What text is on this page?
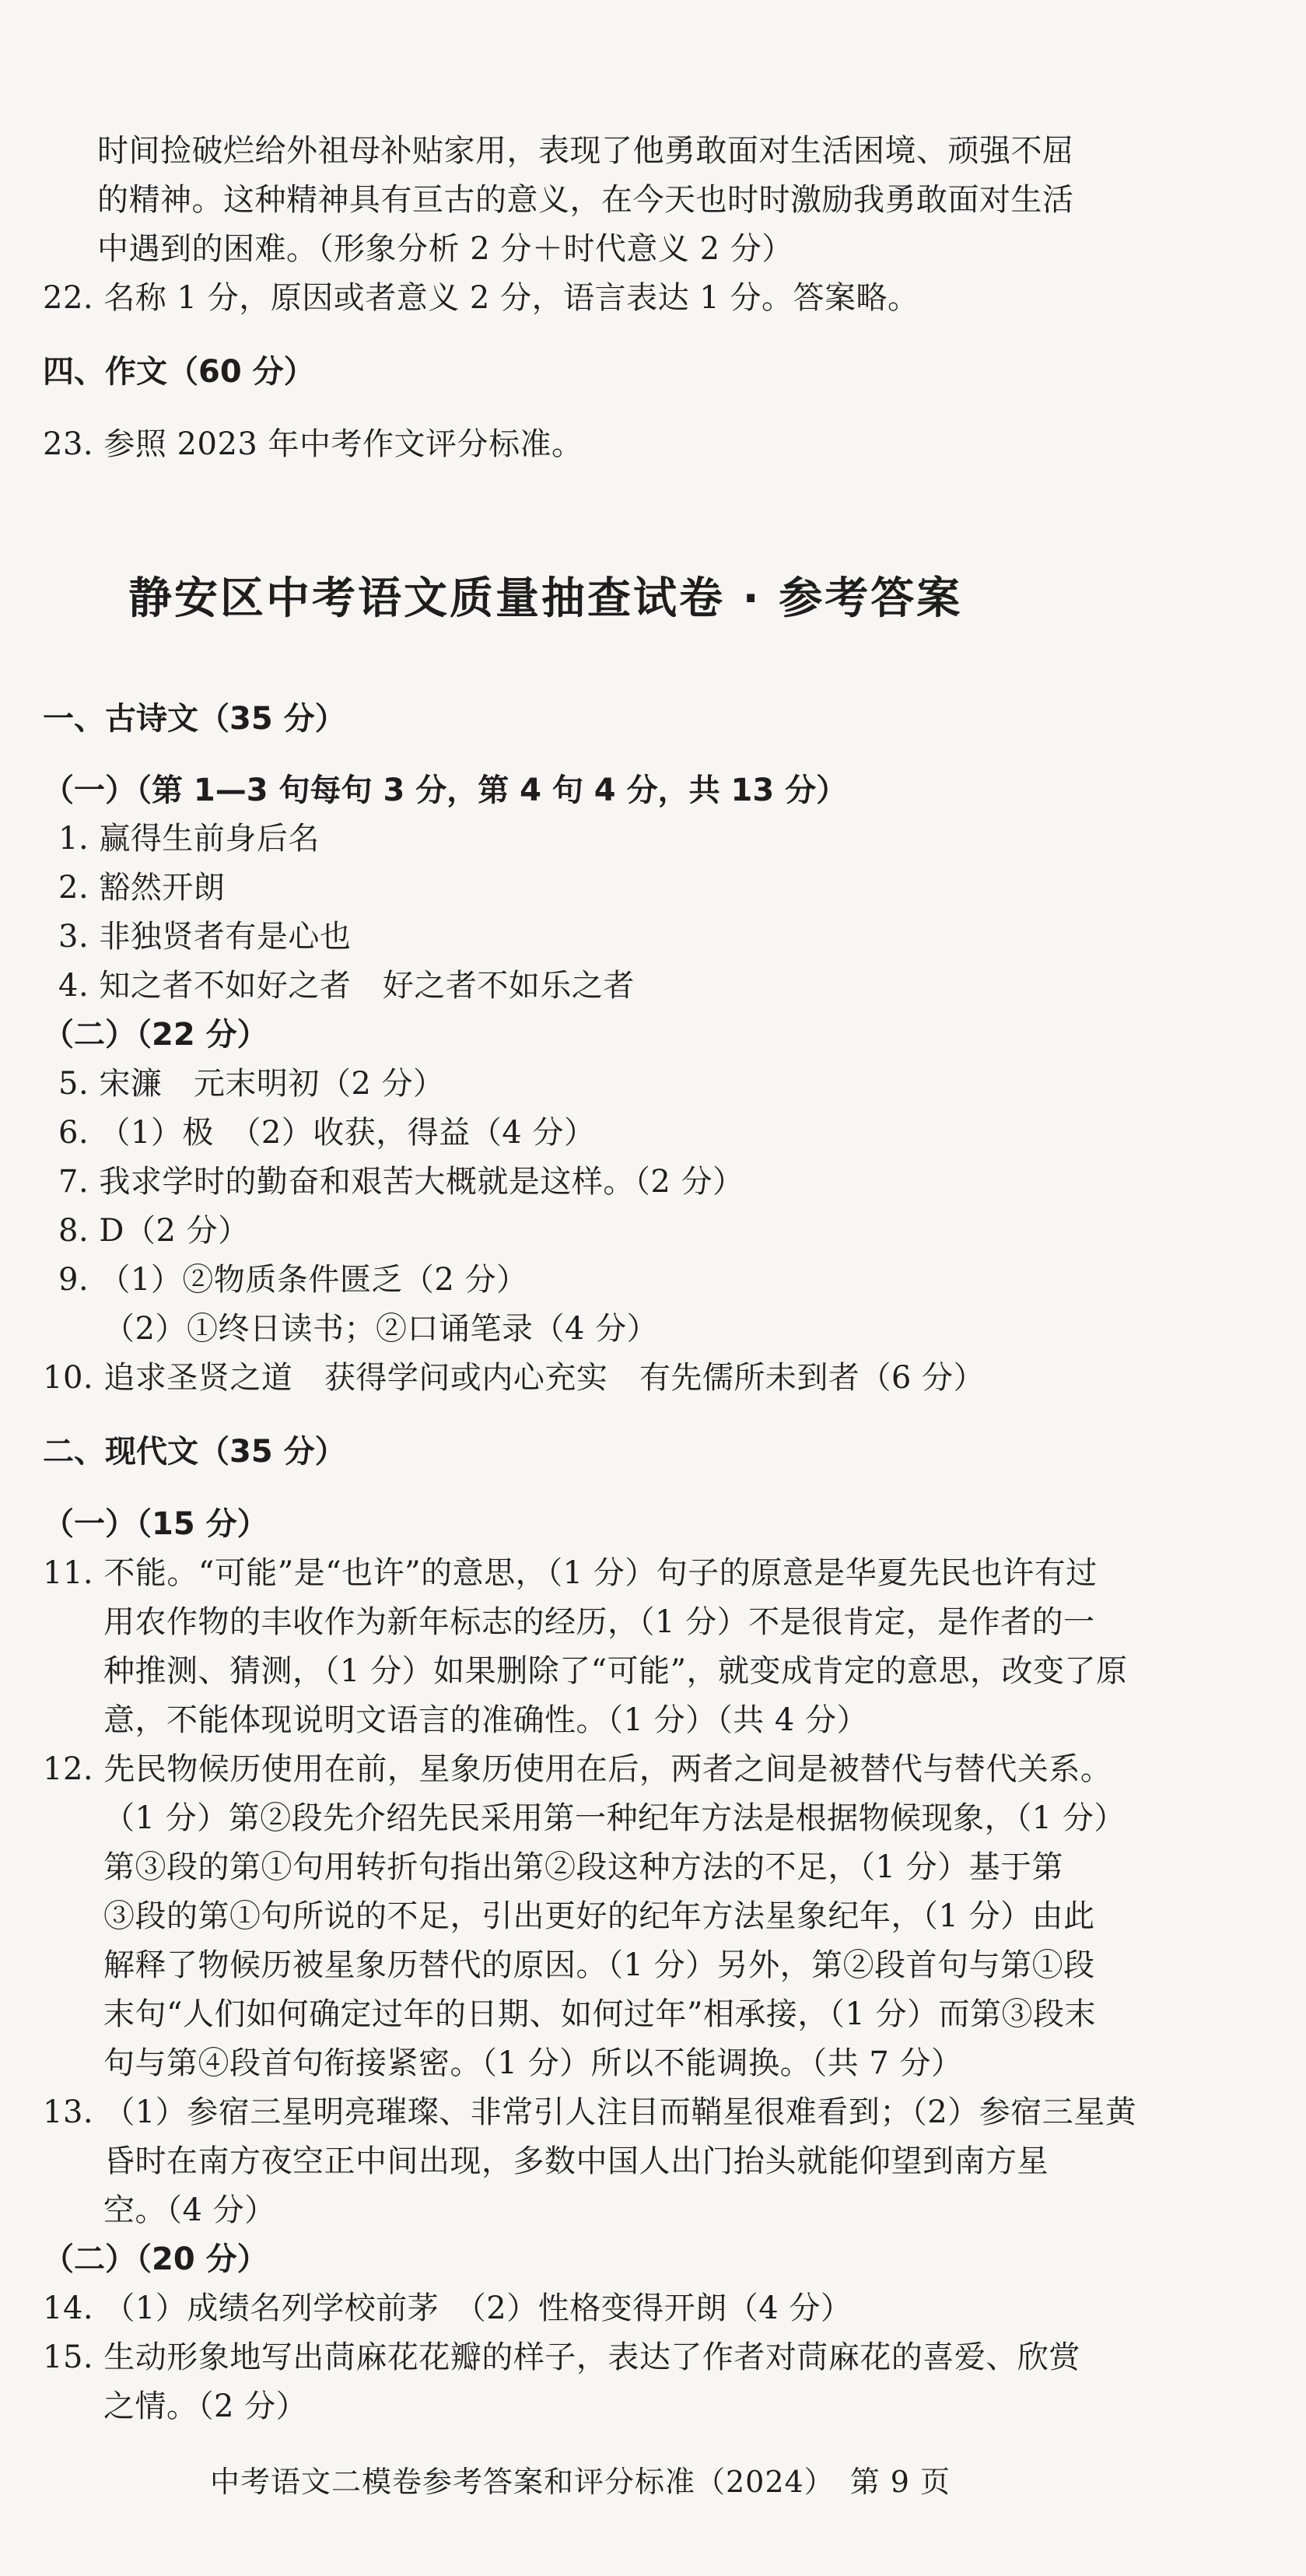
时间捡破烂给外祖母补贴家用，表现了他勇敢面对生活困境、顽强不屈
的精神。这种精神具有亘古的意义，在今天也时时激励我勇敢面对生活
中遇到的困难。（形象分析 2 分＋时代意义 2 分）
22. 名称 1 分，原因或者意义 2 分，语言表达 1 分。答案略。
四、作文（60 分）
23. 参照 2023 年中考作文评分标准。
静安区中考语文质量抽查试卷 · 参考答案
一、古诗文（35 分）
（一）（第 1—3 句每句 3 分，第 4 句 4 分，共 13 分）
1. 赢得生前身后名
2. 豁然开朗
3. 非独贤者有是心也
4. 知之者不如好之者　好之者不如乐之者
（二）（22 分）
5. 宋濂　元末明初（2 分）
6. （1）极　（2）收获，得益（4 分）
7. 我求学时的勤奋和艰苦大概就是这样。（2 分）
8. D（2 分）
9. （1）②物质条件匮乏（2 分）
（2）①终日读书；②口诵笔录（4 分）
10. 追求圣贤之道　获得学问或内心充实　有先儒所未到者（6 分）
二、现代文（35 分）
（一）（15 分）
11. 不能。“可能”是“也许”的意思，（1 分）句子的原意是华夏先民也许有过
用农作物的丰收作为新年标志的经历，（1 分）不是很肯定，是作者的一
种推测、猜测，（1 分）如果删除了“可能”，就变成肯定的意思，改变了原
意，不能体现说明文语言的准确性。（1 分）（共 4 分）
12. 先民物候历使用在前，星象历使用在后，两者之间是被替代与替代关系。
（1 分）第②段先介绍先民采用第一种纪年方法是根据物候现象，（1 分）
第③段的第①句用转折句指出第②段这种方法的不足，（1 分）基于第
③段的第①句所说的不足，引出更好的纪年方法星象纪年，（1 分）由此
解释了物候历被星象历替代的原因。（1 分）另外，第②段首句与第①段
末句“人们如何确定过年的日期、如何过年”相承接，（1 分）而第③段末
句与第④段首句衔接紧密。（1 分）所以不能调换。（共 7 分）
13. （1）参宿三星明亮璀璨、非常引人注目而鞘星很难看到；（2）参宿三星黄
昏时在南方夜空正中间出现，多数中国人出门抬头就能仰望到南方星
空。（4 分）
（二）（20 分）
14. （1）成绩名列学校前茅　（2）性格变得开朗（4 分）
15. 生动形象地写出茼麻花花瓣的样子，表达了作者对茼麻花的喜爱、欣赏
之情。（2 分）
中考语文二模卷参考答案和评分标准（2024）　第 9 页
